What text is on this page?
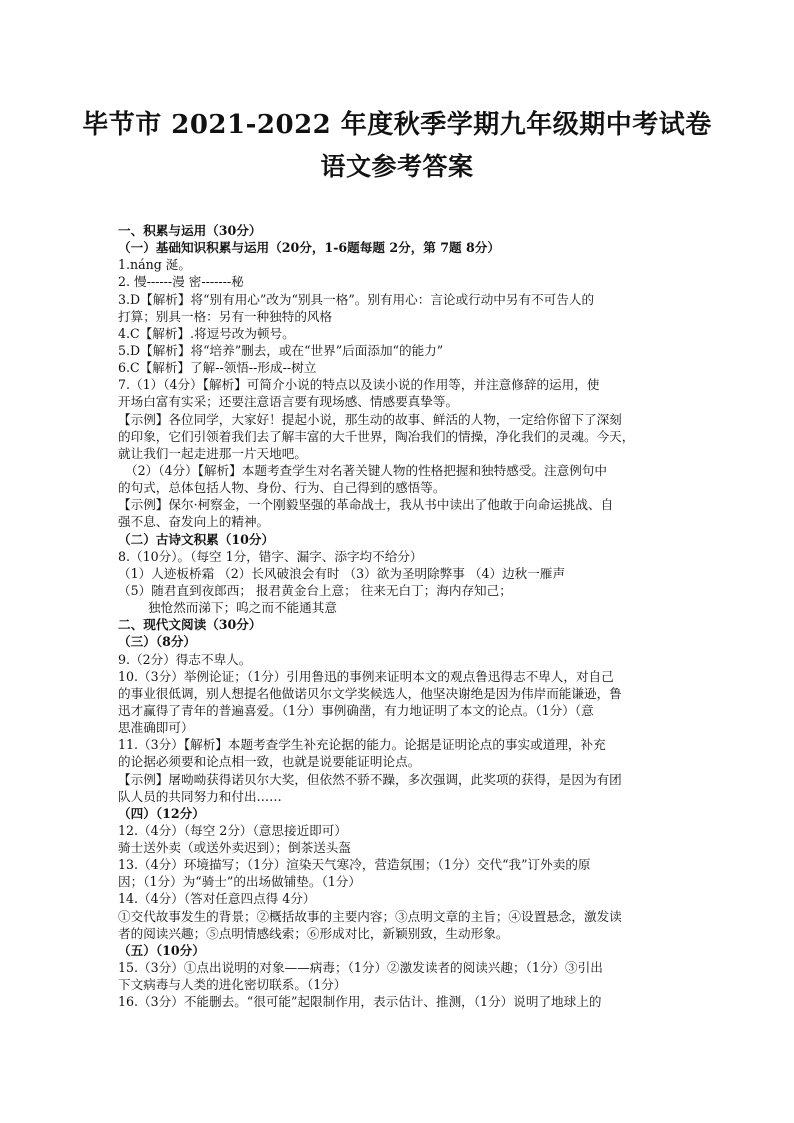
毕节市 2021-2022 年度秋季学期九年级期中考试卷
语文参考答案
一、积累与运用（30分）
（一）基础知识积累与运用（20分，1-6题每题 2分，第 7题 8分）
1.náng 涎。
2. 慢------漫 密-------秘
3.D【解析】将“别有用心”改为“别具一格”。别有用心：言论或行动中另有不可告人的
打算；别具一格：另有一种独特的风格
4.C【解析】.将逗号改为顿号。
5.D【解析】将“培养”删去，或在“世界”后面添加“的能力”
6.C【解析】了解--领悟--形成--树立
7.（1）（4分）【解析】可简介小说的特点以及读小说的作用等，并注意修辞的运用，使
开场白富有实采；还要注意语言要有现场感、情感要真挚等。
【示例】各位同学，大家好！提起小说，那生动的故事、鲜活的人物，一定给你留下了深刻
的印象，它们引领着我们去了解丰富的大千世界，陶冶我们的情操，净化我们的灵魂。今天，
就让我们一起走进那一片天地吧。
（2）（4分）【解析】本题考查学生对名著关键人物的性格把握和独特感受。注意例句中
的句式，总体包括人物、身份、行为、自己得到的感悟等。
【示例】保尔·柯察金，一个刚毅坚强的革命战士，我从书中读出了他敢于向命运挑战、自
强不息、奋发向上的精神。
（二）古诗文积累（10分）
8.（10分）。（每空 1分，错字、漏字、添字均不给分）
（1）人迹板桥霜 （2）长风破浪会有时 （3）欲为圣明除弊事 （4）边秋一雁声
（5）随君直到夜郎西； 报君黄金台上意； 往来无白丁；海内存知己；
独怆然而涕下；呜之而不能通其意
二、现代文阅读（30分）
（三）（8分）
9.（2分）得志不卑人。
10.（3分）举例论证；（1分）引用鲁迅的事例来证明本文的观点鲁迅得志不卑人，对自己
的事业很低调，别人想提名他做诺贝尔文学奖候选人，他坚决谢绝是因为伟岸而能谦逊，鲁
迅才赢得了青年的普遍喜爱。（1分）事例确凿，有力地证明了本文的论点。（1分）（意
思准确即可）
11.（3分）【解析】本题考查学生补充论据的能力。论据是证明论点的事实或道理，补充
的论据必须要和论点相一致，也就是说要能证明论点。
【示例】屠呦呦获得诺贝尔大奖，但依然不骄不躁，多次强调，此奖项的获得，是因为有团
队人员的共同努力和付出……
（四）（12分）
12.（4分）（每空 2分）（意思接近即可）
骑士送外卖（或送外卖迟到）；倒茶送头盔
13.（4分）环境描写；（1分）渲染天气寒冷，营造氛围；（1分）交代“我”订外卖的原
因；（1分）为“骑士”的出场做铺垫。（1分）
14.（4分）（答对任意四点得 4分）
①交代故事发生的背景；②概括故事的主要内容；③点明文章的主旨；④设置悬念，激发读
者的阅读兴趣；⑤点明情感线索；⑥形成对比，新颖别致，生动形象。
（五）（10分）
15.（3分）①点出说明的对象——病毒；（1分）②激发读者的阅读兴趣；（1分）③引出
下文病毒与人类的进化密切联系。（1分）
16.（3分）不能删去。“很可能”起限制作用，表示估计、推测，（1分）说明了地球上的
